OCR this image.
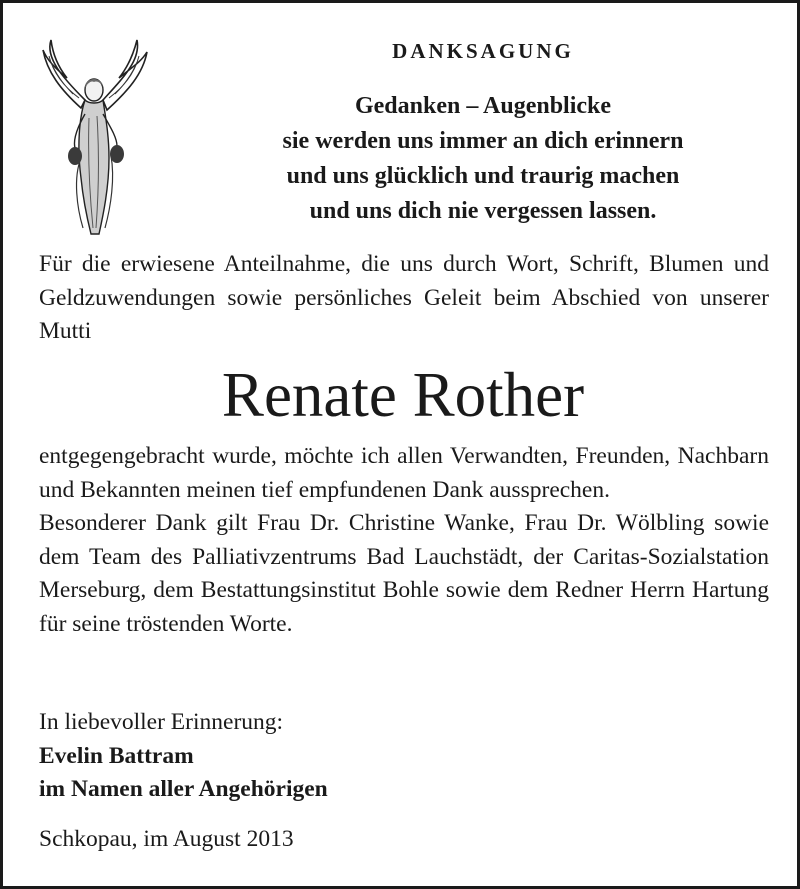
DANKSAGUNG
Gedanken – Augenblicke
sie werden uns immer an dich erinnern
und uns glücklich und traurig machen
und uns dich nie vergessen lassen.
Für die erwiesene Anteilnahme, die uns durch Wort, Schrift, Blumen und Geldzuwendungen sowie persönliches Geleit beim Abschied von unserer Mutti
Renate Rother
entgegengebracht wurde, möchte ich allen Verwandten, Freunden, Nachbarn und Bekannten meinen tief empfundenen Dank aussprechen.
Besonderer Dank gilt Frau Dr. Christine Wanke, Frau Dr. Wölbling sowie dem Team des Palliativzentrums Bad Lauchstädt, der Caritas-Sozialstation Merseburg, dem Bestattungsinstitut Bohle sowie dem Redner Herrn Hartung für seine tröstenden Worte.
In liebevoller Erinnerung:
Evelin Battram
im Namen aller Angehörigen
Schkopau, im August 2013
